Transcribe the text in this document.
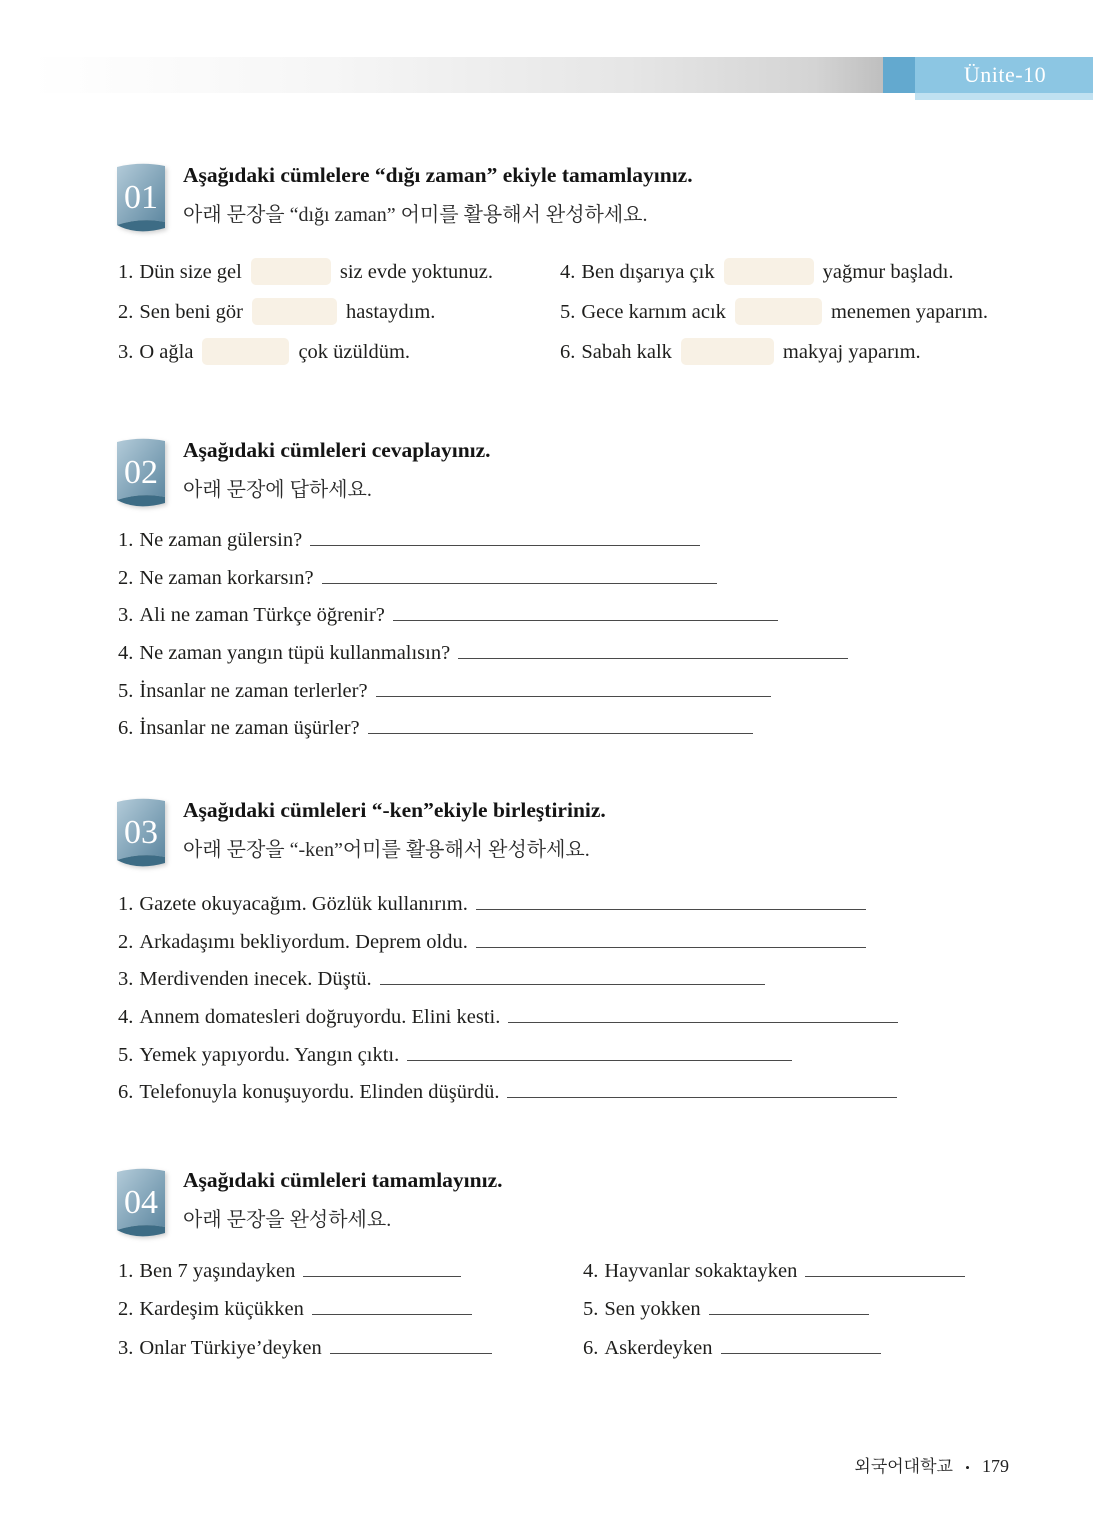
Ünite-10
01
Aşağıdaki cümlelere “dığı zaman” ekiyle tamamlayınız.
아래 문장을 “dığı zaman” 어미를 활용해서 완성하세요.
1. Dün size gel	siz evde yoktunuz.
2. Sen beni gör	hastaydım.
3. O ağla	çok üzüldüm.
4. Ben dışarıya çık	yağmur başladı.
5. Gece karnım acık	menemen yaparım.
6. Sabah kalk	makyaj yaparım.
02
Aşağıdaki cümleleri cevaplayınız.
아래 문장에 답하세요.
1. Ne zaman gülersin?
2. Ne zaman korkarsın?
3. Ali ne zaman Türkçe öğrenir?
4. Ne zaman yangın tüpü kullanmalısın?
5. İnsanlar ne zaman terlerler?
6. İnsanlar ne zaman üşürler?
03
Aşağıdaki cümleleri “-ken”ekiyle birleştiriniz.
아래 문장을 “-ken”어미를 활용해서 완성하세요.
1. Gazete okuyacağım. Gözlük kullanırım.
2. Arkadaşımı bekliyordum. Deprem oldu.
3. Merdivenden inecek. Düştü.
4. Annem domatesleri doğruyordu. Elini kesti.
5. Yemek yapıyordu. Yangın çıktı.
6. Telefonuyla konuşuyordu. Elinden düşürdü.
04
Aşağıdaki cümleleri tamamlayınız.
아래 문장을 완성하세요.
1. Ben 7 yaşındayken
2. Kardeşim küçükken
3. Onlar Türkiye’deyken
4. Hayvanlar sokaktayken
5. Sen yokken
6. Askerdeyken
외국어대학교 • 179
